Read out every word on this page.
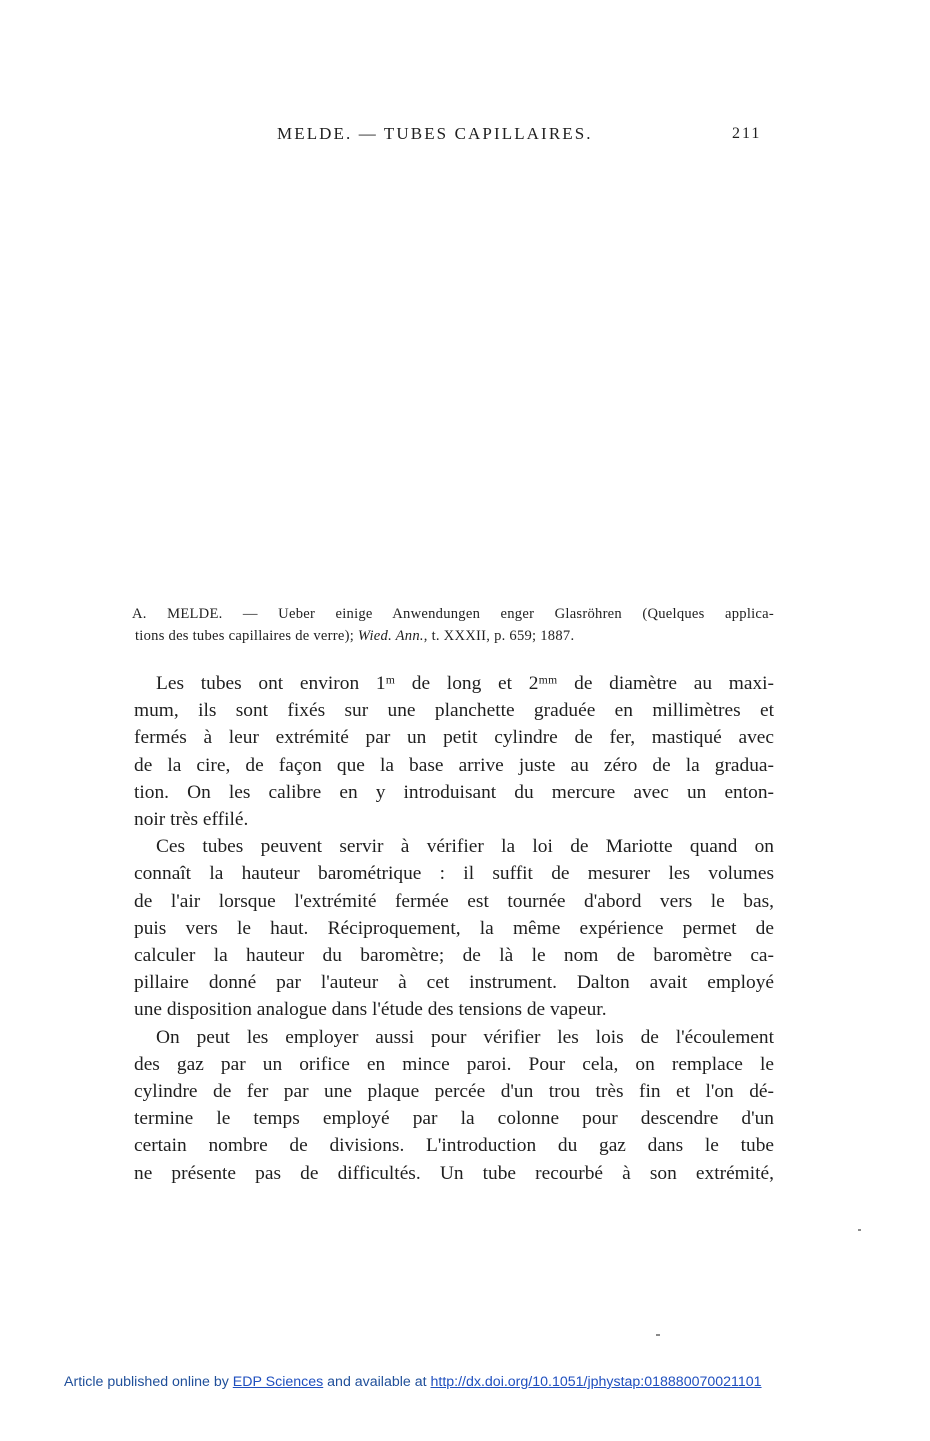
MELDE. — TUBES CAPILLAIRES.	211
A. MELDE. — Ueber einige Anwendungen enger Glasröhren (Quelques applica-
tions des tubes capillaires de verre); Wied. Ann., t. XXXII, p. 659; 1887.

Les tubes ont environ 1ᵐ de long et 2ᵐᵐ de diamètre au maxi-
mum, ils sont fixés sur une planchette graduée en millimètres et
fermés à leur extrémité par un petit cylindre de fer, mastiqué avec
de la cire, de façon que la base arrive juste au zéro de la gradua-
tion. On les calibre en y introduisant du mercure avec un enton-
noir très effilé.

Ces tubes peuvent servir à vérifier la loi de Mariotte quand on
connaît la hauteur barométrique : il suffit de mesurer les volumes
de l'air lorsque l'extrémité fermée est tournée d'abord vers le bas,
puis vers le haut. Réciproquement, la même expérience permet de
calculer la hauteur du baromètre; de là le nom de baromètre ca-
pillaire donné par l'auteur à cet instrument. Dalton avait employé
une disposition analogue dans l'étude des tensions de vapeur.

On peut les employer aussi pour vérifier les lois de l'écoulement
des gaz par un orifice en mince paroi. Pour cela, on remplace le
cylindre de fer par une plaque percée d'un trou très fin et l'on dé-
termine le temps employé par la colonne pour descendre d'un
certain nombre de divisions. L'introduction du gaz dans le tube
ne présente pas de difficultés. Un tube recourbé à son extrémité,

Article published online by EDP Sciences and available at http://dx.doi.org/10.1051/jphystap:018880070021101
